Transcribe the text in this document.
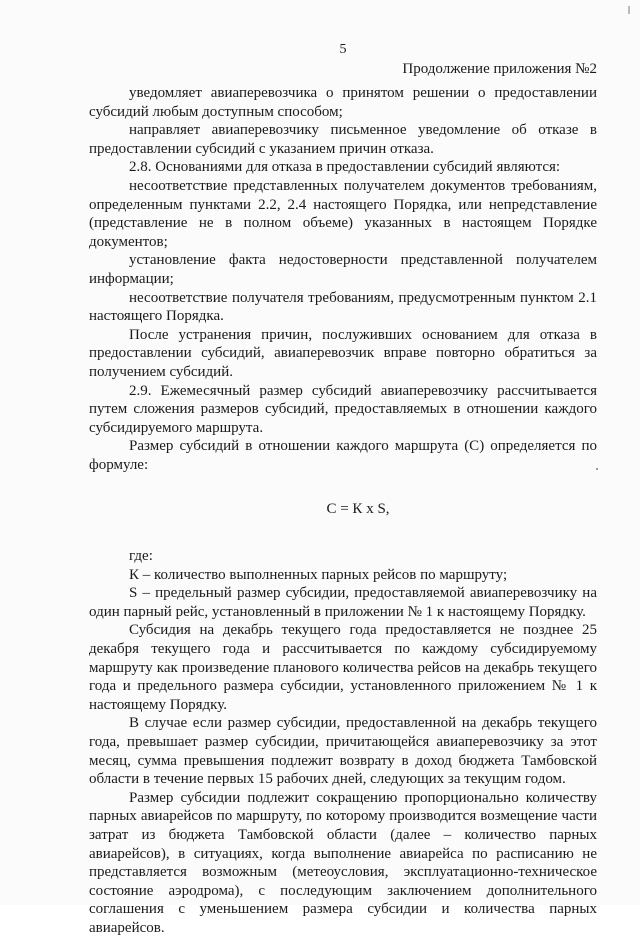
5
Продолжение приложения №2

уведомляет авиаперевозчика о принятом решении о предоставлении субсидий любым доступным способом;

направляет авиаперевозчику письменное уведомление об отказе в предоставлении субсидий с указанием причин отказа.

2.8. Основаниями для отказа в предоставлении субсидий являются:

несоответствие представленных получателем документов требованиям, определенным пунктами 2.2, 2.4 настоящего Порядка, или непредставление (представление не в полном объеме) указанных в настоящем Порядке документов;

установление факта недостоверности представленной получателем информации;

несоответствие получателя требованиям, предусмотренным пунктом 2.1 настоящего Порядка.

После устранения причин, послуживших основанием для отказа в предоставлении субсидий, авиаперевозчик вправе повторно обратиться за получением субсидий.

2.9. Ежемесячный размер субсидий авиаперевозчику рассчитывается путем сложения размеров субсидий, предоставляемых в отношении каждого субсидируемого маршрута.

Размер субсидий в отношении каждого маршрута (С) определяется по формуле:

С = К х S,

где:

К – количество выполненных парных рейсов по маршруту;

S – предельный размер субсидии, предоставляемой авиаперевозчику на один парный рейс, установленный в приложении № 1 к настоящему Порядку.

Субсидия на декабрь текущего года предоставляется не позднее 25 декабря текущего года и рассчитывается по каждому субсидируемому маршруту как произведение планового количества рейсов на декабрь текущего года и предельного размера субсидии, установленного приложением № 1 к настоящему Порядку.

В случае если размер субсидии, предоставленной на декабрь текущего года, превышает размер субсидии, причитающейся авиаперевозчику за этот месяц, сумма превышения подлежит возврату в доход бюджета Тамбовской области в течение первых 15 рабочих дней, следующих за текущим годом.

Размер субсидии подлежит сокращению пропорционально количеству парных авиарейсов по маршруту, по которому производится возмещение части затрат из бюджета Тамбовской области (далее – количество парных авиарейсов), в ситуациях, когда выполнение авиарейса по расписанию не представляется возможным (метеоусловия, эксплуатационно-техническое состояние аэродрома), с последующим заключением дополнительного соглашения с уменьшением размера субсидии и количества парных авиарейсов.
